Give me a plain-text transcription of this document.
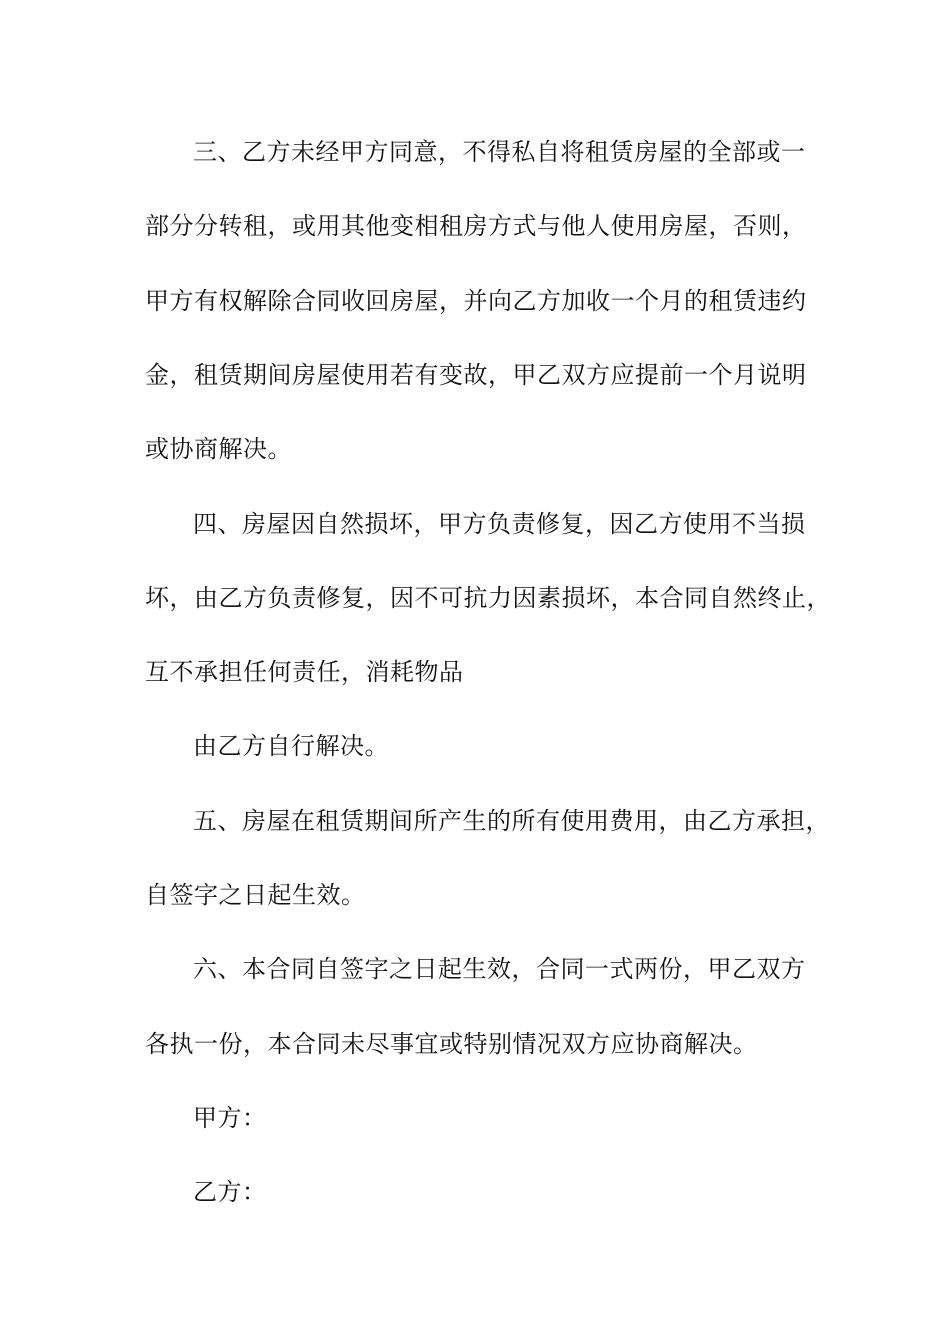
三、乙方未经甲方同意，不得私自将租赁房屋的全部或一
部分分转租，或用其他变相租房方式与他人使用房屋，否则，
甲方有权解除合同收回房屋，并向乙方加收一个月的租赁违约
金，租赁期间房屋使用若有变故，甲乙双方应提前一个月说明
或协商解决。
四、房屋因自然损坏，甲方负责修复，因乙方使用不当损
坏，由乙方负责修复，因不可抗力因素损坏，本合同自然终止，
互不承担任何责任，消耗物品
由乙方自行解决。
五、房屋在租赁期间所产生的所有使用费用，由乙方承担，
自签字之日起生效。
六、本合同自签字之日起生效，合同一式两份，甲乙双方
各执一份，本合同未尽事宜或特别情况双方应协商解决。
甲方：
乙方：
